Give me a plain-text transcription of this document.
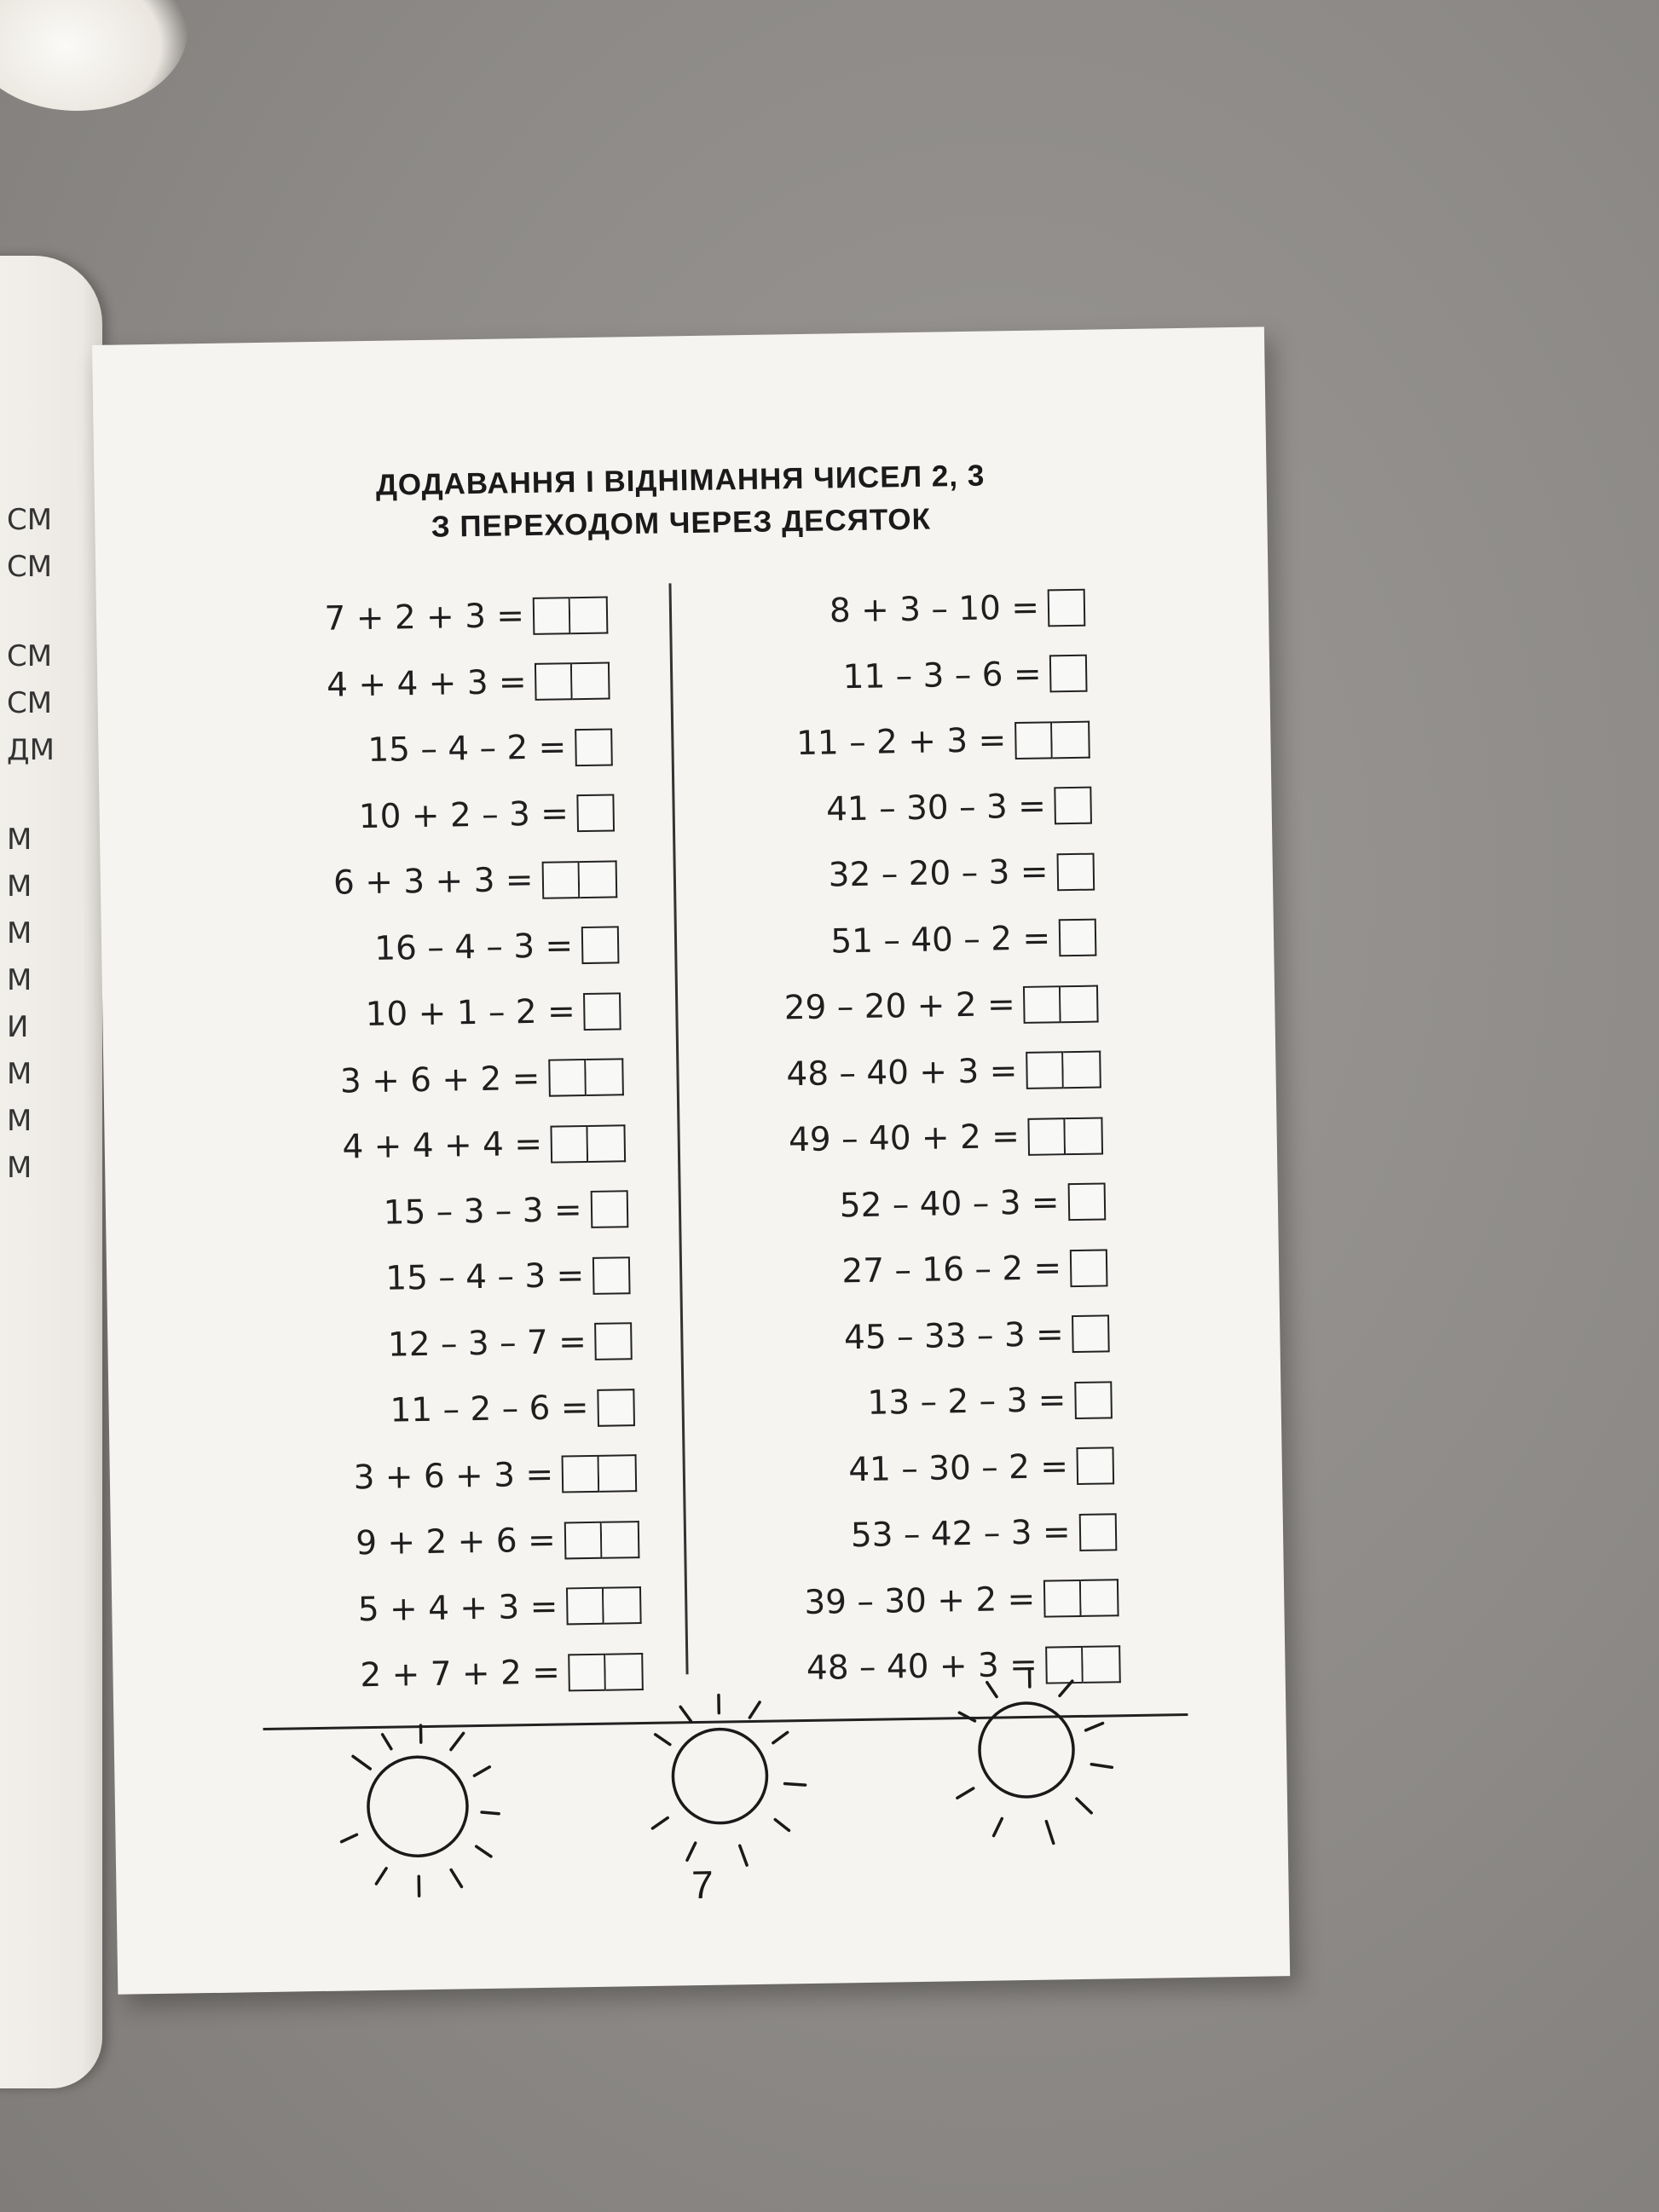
СМ
СМ
СМ
СМ
ДМ
М
М
М
М
И
М
М
М
ДОДАВАННЯ І ВІДНІМАННЯ ЧИСЕЛ 2, 3
З ПЕРЕХОДОМ ЧЕРЕЗ ДЕСЯТОК
7 + 2 + 3 =
4 + 4 + 3 =
15 – 4 – 2 =
10 + 2 – 3 =
6 + 3 + 3 =
16 – 4 – 3 =
10 + 1 – 2 =
3 + 6 + 2 =
4 + 4 + 4 =
15 – 3 – 3 =
15 – 4 – 3 =
12 – 3 – 7 =
11 – 2 – 6 =
3 + 6 + 3 =
9 + 2 + 6 =
5 + 4 + 3 =
2 + 7 + 2 =
8 + 3 – 10 =
11 – 3 – 6 =
11 – 2 + 3 =
41 – 30 – 3 =
32 – 20 – 3 =
51 – 40 – 2 =
29 – 20 + 2 =
48 – 40 + 3 =
49 – 40 + 2 =
52 – 40 – 3 =
27 – 16 – 2 =
45 – 33 – 3 =
13 – 2 – 3 =
41 – 30 – 2 =
53 – 42 – 3 =
39 – 30 + 2 =
48 – 40 + 3 =
7
